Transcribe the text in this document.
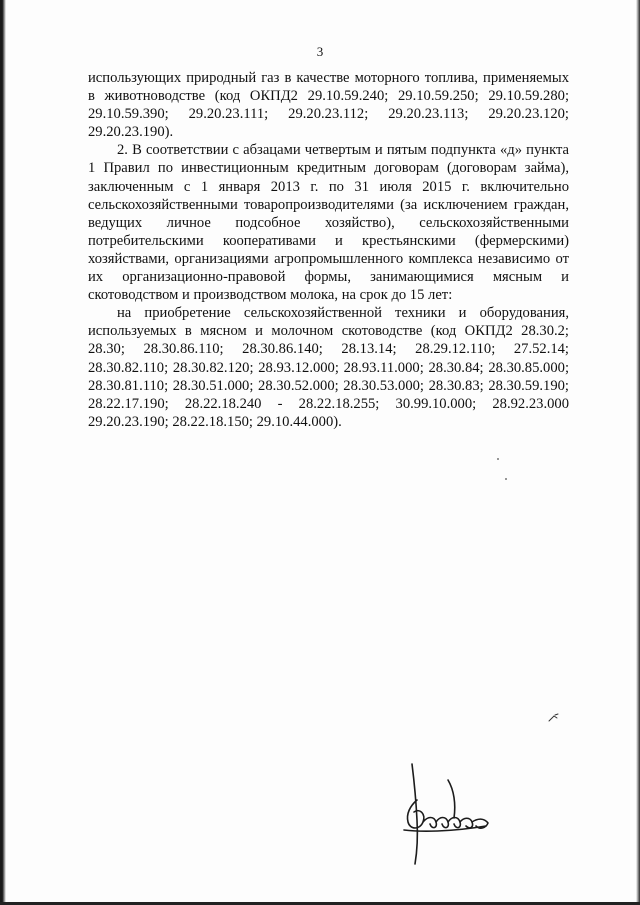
3

использующих природный газ в качестве моторного топлива, применяемых в животноводстве (код ОКПД2 29.10.59.240; 29.10.59.250; 29.10.59.280; 29.10.59.390; 29.20.23.111; 29.20.23.112; 29.20.23.113; 29.20.23.120; 29.20.23.190).

2. В соответствии с абзацами четвертым и пятым подпункта «д» пункта 1 Правил по инвестиционным кредитным договорам (договорам займа), заключенным с 1 января 2013 г. по 31 июля 2015 г. включительно сельскохозяйственными товаропроизводителями (за исключением граждан, ведущих личное подсобное хозяйство), сельскохозяйственными потребительскими кооперативами и крестьянскими (фермерскими) хозяйствами, организациями агропромышленного комплекса независимо от их организационно-правовой формы, занимающимися мясным и скотоводством и производством молока, на срок до 15 лет:

на приобретение сельскохозяйственной техники и оборудования, используемых в мясном и молочном скотоводстве (код ОКПД2 28.30.2; 28.30; 28.30.86.110; 28.30.86.140; 28.13.14; 28.29.12.110; 27.52.14; 28.30.82.110; 28.30.82.120; 28.93.12.000; 28.93.11.000; 28.30.84; 28.30.85.000; 28.30.81.110; 28.30.51.000; 28.30.52.000; 28.30.53.000; 28.30.83; 28.30.59.190; 28.22.17.190; 28.22.18.240 - 28.22.18.255; 30.99.10.000; 28.92.23.000 29.20.23.190; 28.22.18.150; 29.10.44.000).
